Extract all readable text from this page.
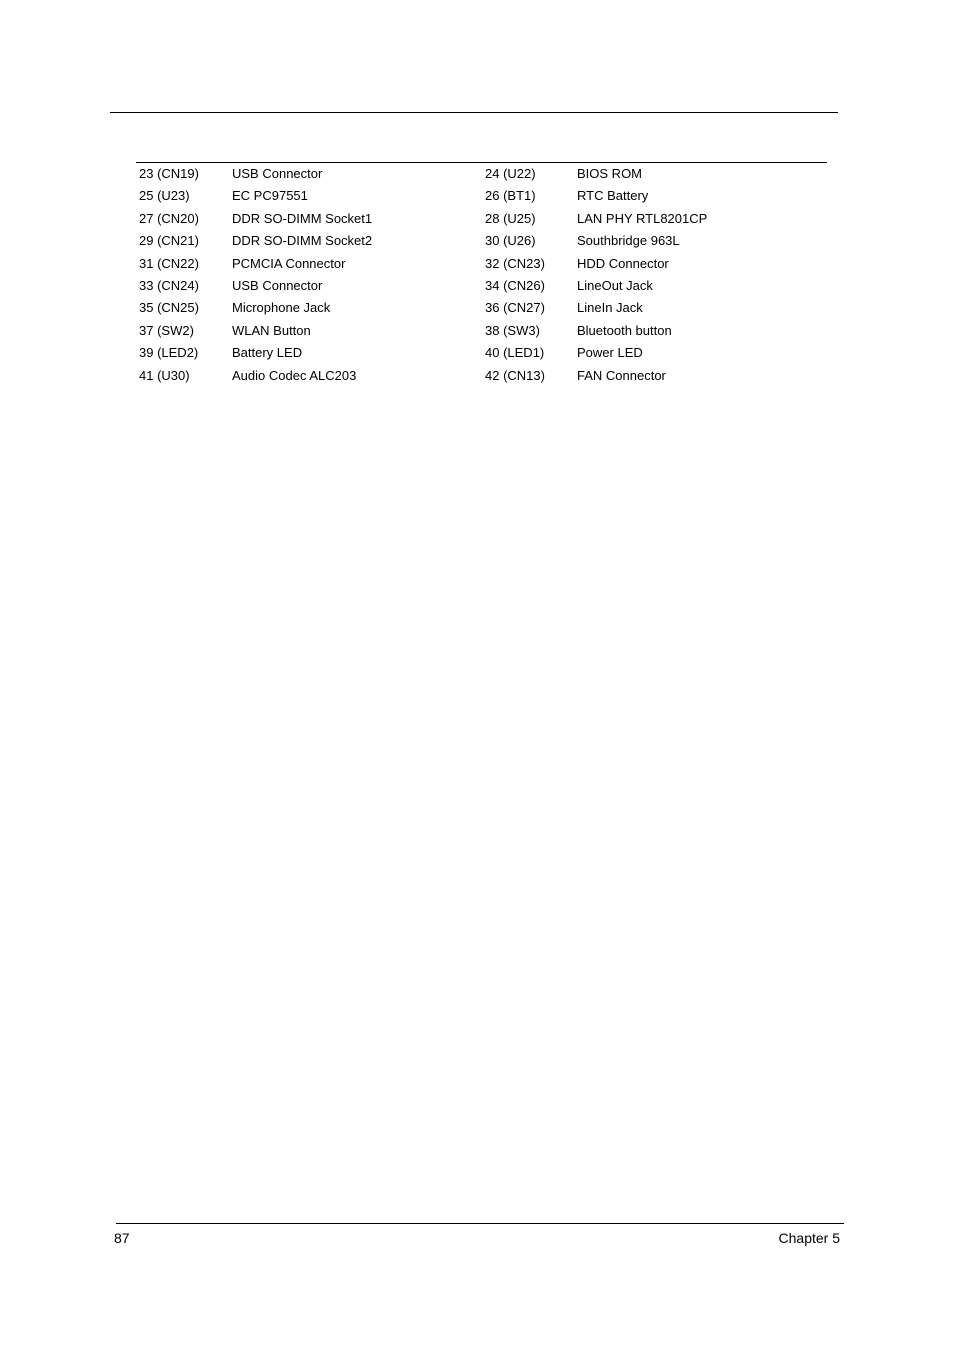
23 (CN19)	USB Connector	24 (U22)	BIOS ROM
25 (U23)	EC PC97551	26 (BT1)	RTC Battery
27 (CN20)	DDR SO-DIMM Socket1	28 (U25)	LAN PHY RTL8201CP
29 (CN21)	DDR SO-DIMM Socket2	30 (U26)	Southbridge 963L
31 (CN22)	PCMCIA Connector	32 (CN23) HDD Connector
33 (CN24)	USB Connector	34 (CN26) LineOut Jack
35 (CN25)	Microphone Jack	36 (CN27) LineIn Jack
37 (SW2)	WLAN Button	38 (SW3)	Bluetooth button
39 (LED2)	Battery LED	40 (LED1)	Power LED
41 (U30)	Audio Codec ALC203	42 (CN13) FAN Connector
87	Chapter 5
